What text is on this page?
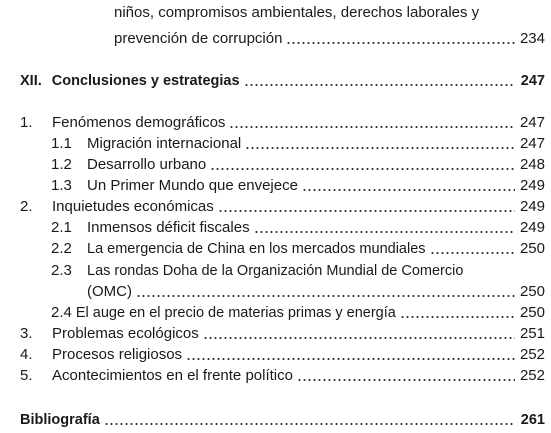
niños, compromisos ambientales, derechos laborales y
prevención de corrupción	234
XII. Conclusiones y estrategias	247
1.	Fenómenos demográficos	247
1.1	Migración internacional	247
1.2	Desarrollo urbano	248
1.3	Un Primer Mundo que envejece	249
2.	Inquietudes económicas	249
2.1	Inmensos déficit fiscales	249
2.2	La emergencia de China en los mercados mundiales	250
2.3	Las rondas Doha de la Organización Mundial de Comercio
(OMC)	250
2.4 El auge en el precio de materias primas y energía	250
3.	Problemas ecológicos	251
4.	Procesos religiosos	252
5.	Acontecimientos en el frente político	252
Bibliografía	261
